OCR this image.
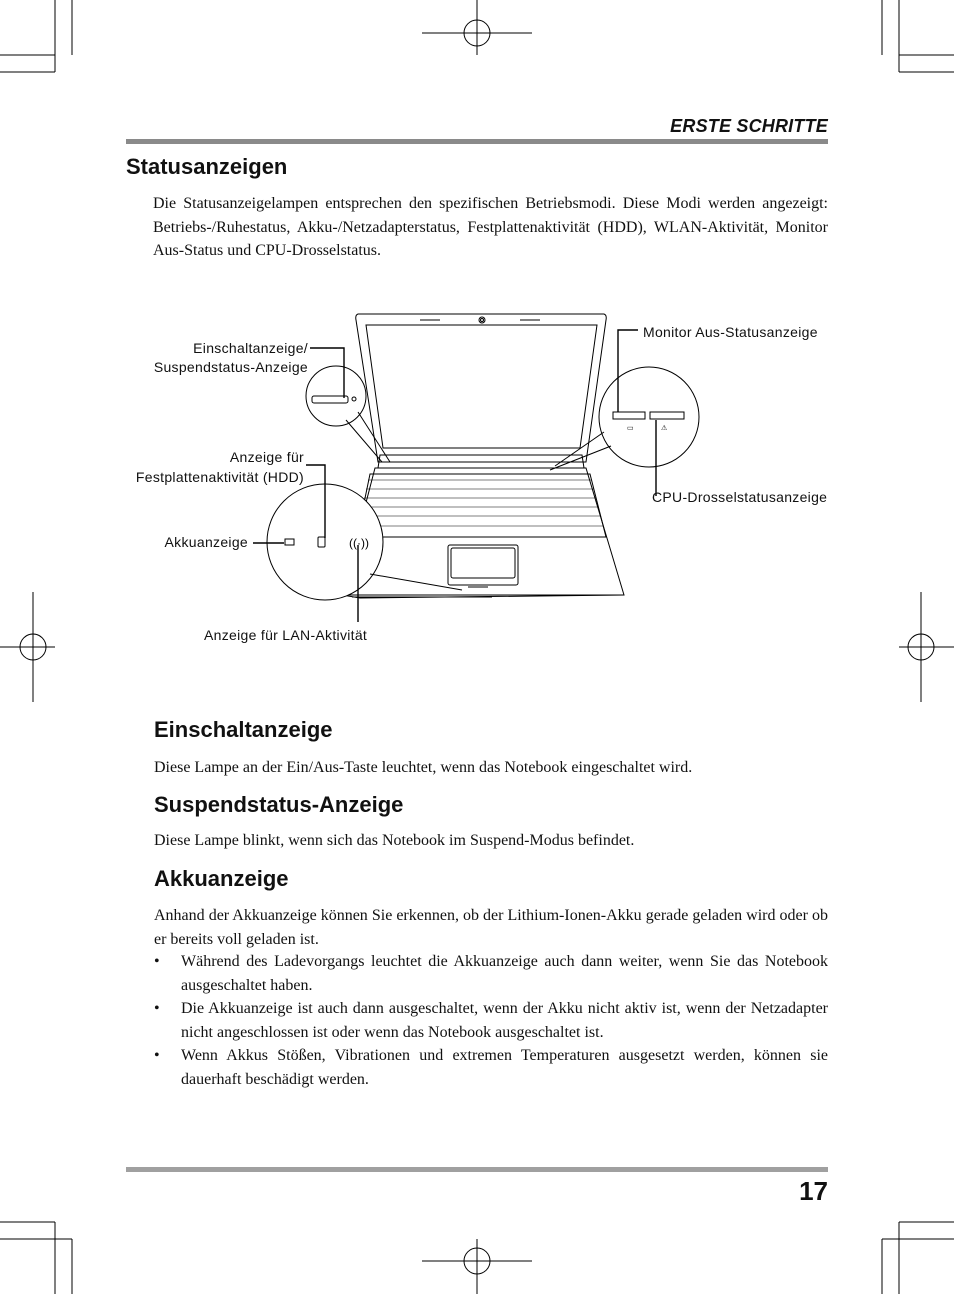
ERSTE SCHRITTE
Statusanzeigen
Die Statusanzeigelampen entsprechen den spezifischen Betriebsmodi. Diese Modi werden angezeigt: Betriebs-/Ruhestatus, Akku-/Netzadapterstatus, Festplattenaktivität (HDD), WLAN-Aktivität, Monitor Aus-Status und CPU-Drosselstatus.
▭	⚠
((·))
Einschaltanzeige/
Suspendstatus-Anzeige
Anzeige für
Festplattenaktivität (HDD)
Akkuanzeige
Anzeige für LAN-Aktivität
Monitor Aus-Statusanzeige
CPU-Drosselstatusanzeige
Einschaltanzeige
Diese Lampe an der Ein/Aus-Taste leuchtet, wenn das Notebook eingeschaltet wird.
Suspendstatus-Anzeige
Diese Lampe blinkt, wenn sich das Notebook im Suspend-Modus befindet.
Akkuanzeige
Anhand der Akkuanzeige können Sie erkennen, ob der Lithium-Ionen-Akku gerade geladen wird oder ob er bereits voll geladen ist.
• Während des Ladevorgangs leuchtet die Akkuanzeige auch dann weiter, wenn Sie das Notebook ausgeschaltet haben.
• Die Akkuanzeige ist auch dann ausgeschaltet, wenn der Akku nicht aktiv ist, wenn der Netzadapter nicht angeschlossen ist oder wenn das Notebook ausgeschaltet ist.
• Wenn Akkus Stößen, Vibrationen und extremen Temperaturen ausgesetzt werden, können sie dauerhaft beschädigt werden.
17
